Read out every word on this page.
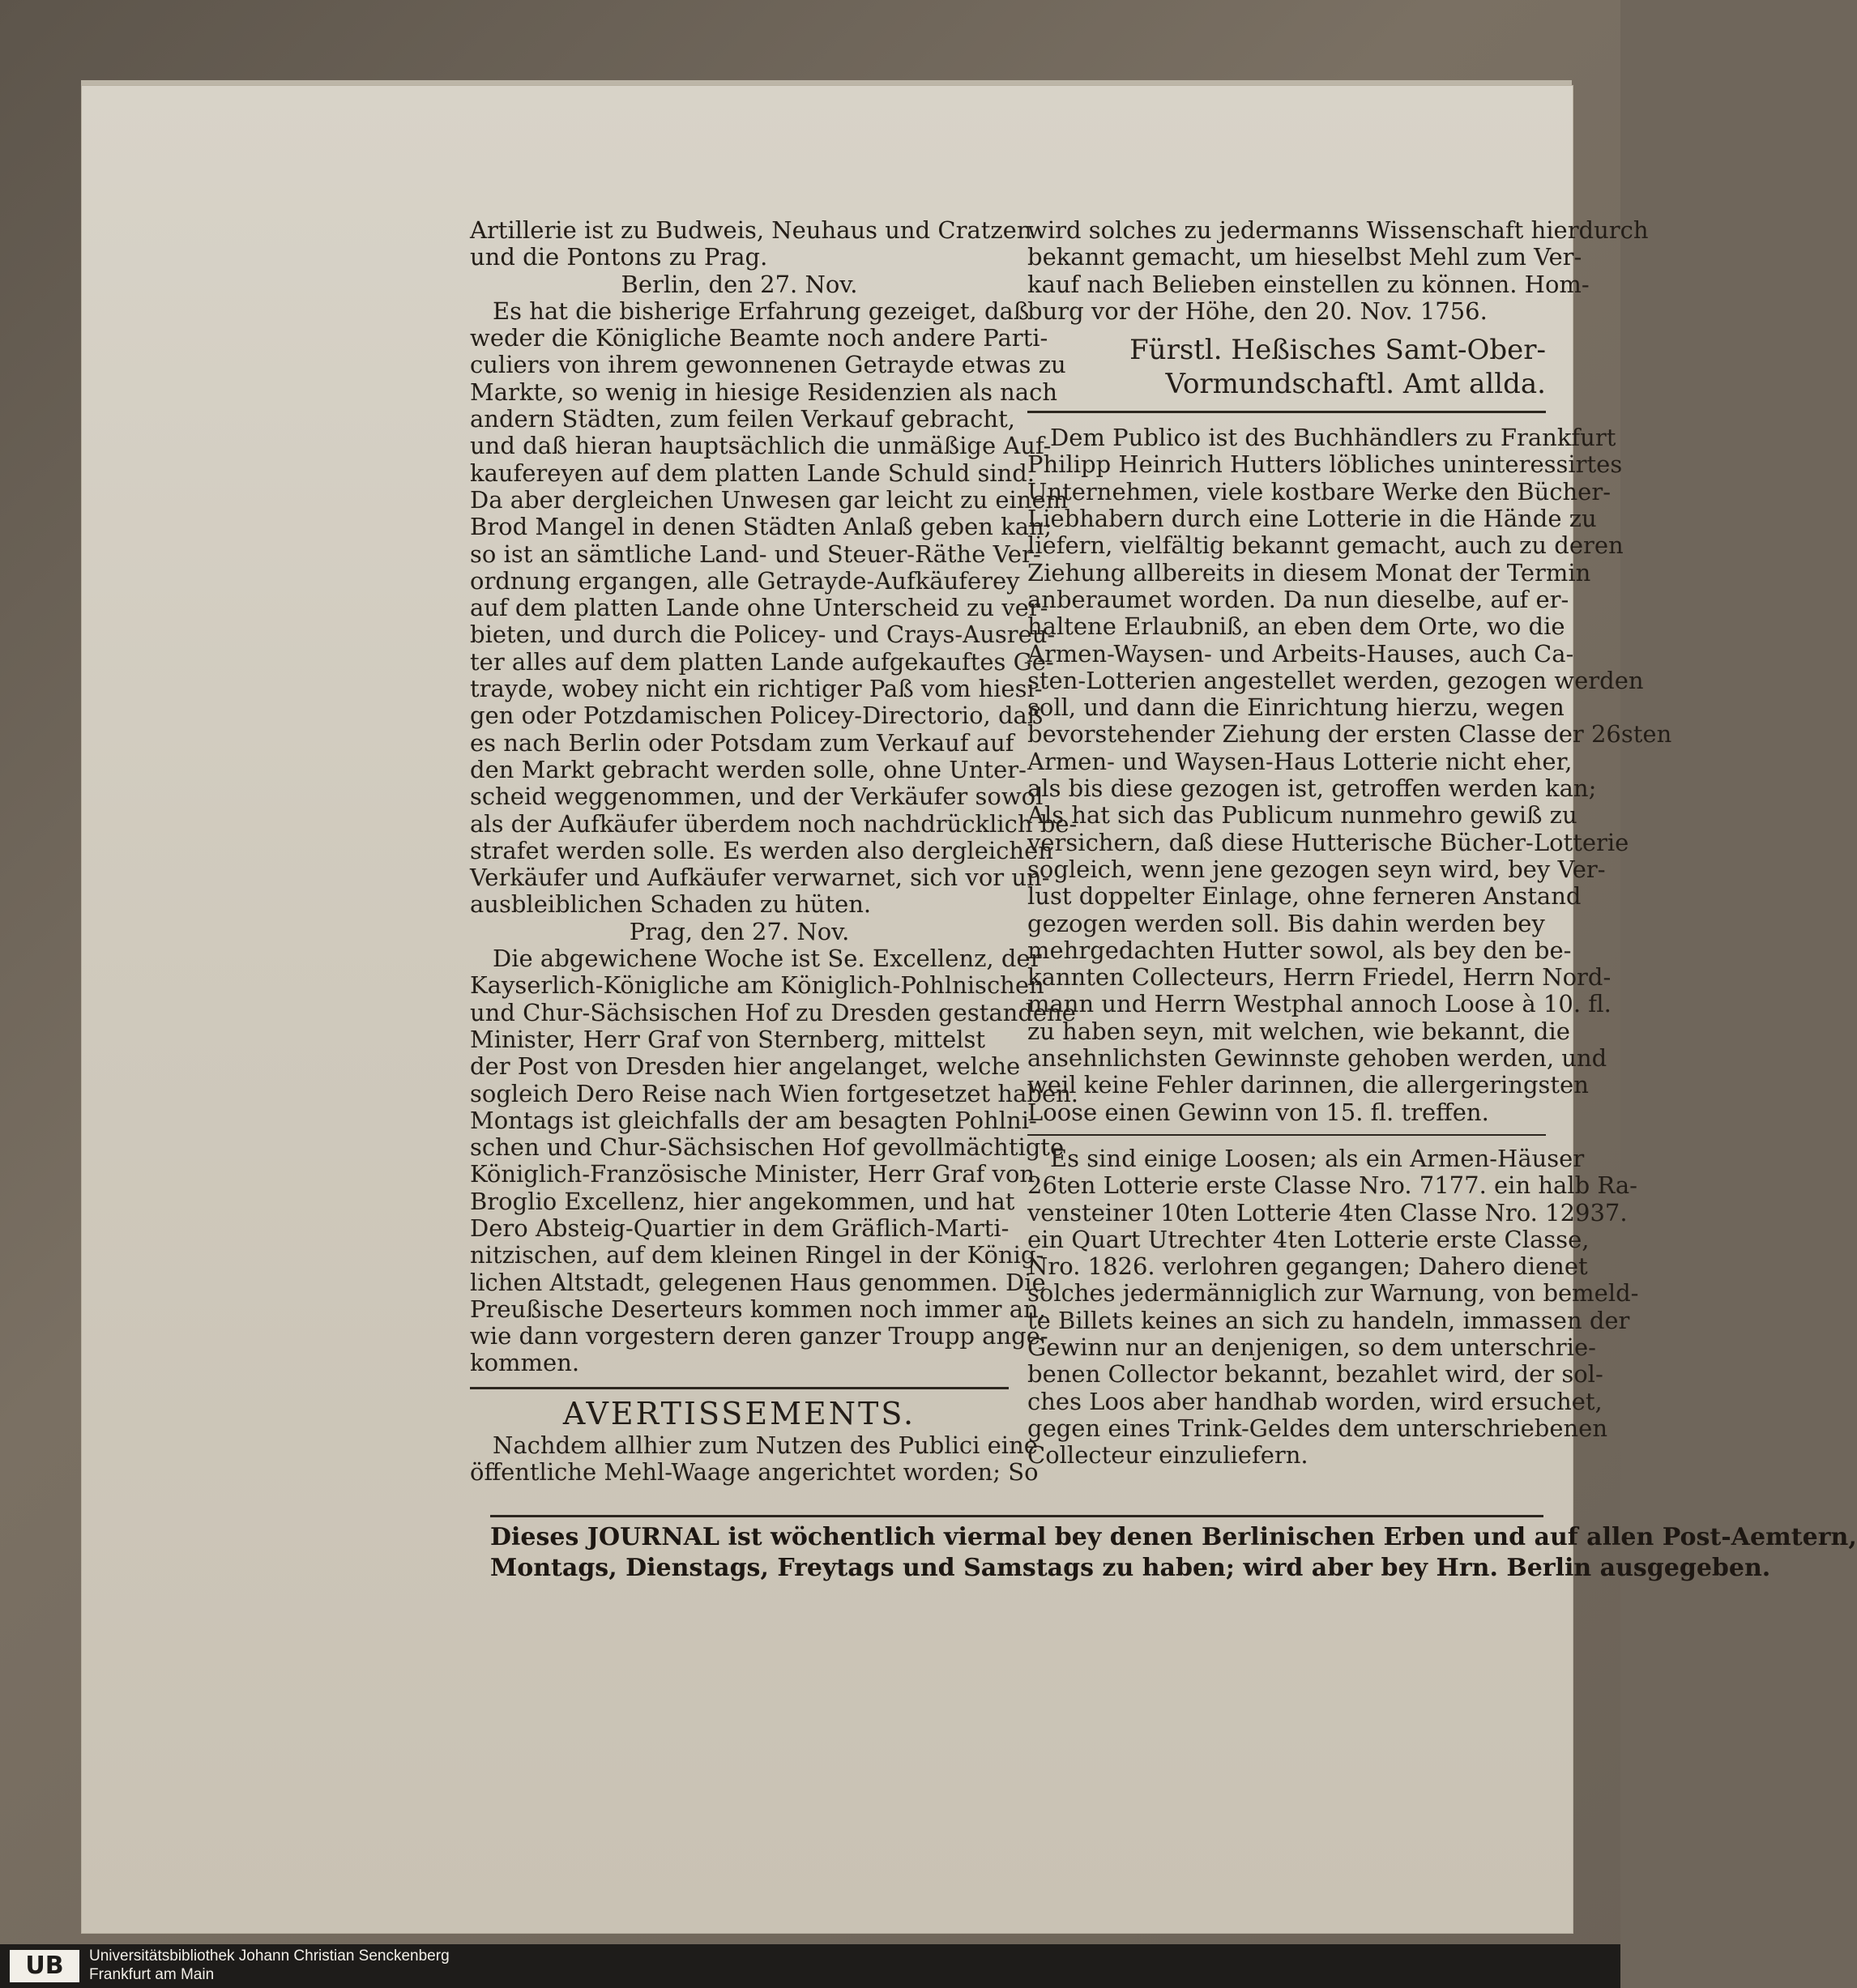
Artillerie ist zu Budweis, Neuhaus und Cratzen
und die Pontons zu Prag.
Berlin, den 27. Nov.
Es hat die bisherige Erfahrung gezeiget, daß
weder die Königliche Beamte noch andere Parti-
culiers von ihrem gewonnenen Getrayde etwas zu
Markte, so wenig in hiesige Residenzien als nach
andern Städten, zum feilen Verkauf gebracht,
und daß hieran hauptsächlich die unmäßige Auf-
kaufereyen auf dem platten Lande Schuld sind.
Da aber dergleichen Unwesen gar leicht zu einem
Brod Mangel in denen Städten Anlaß geben kan;
so ist an sämtliche Land- und Steuer-Räthe Ver-
ordnung ergangen, alle Getrayde-Aufkäuferey
auf dem platten Lande ohne Unterscheid zu ver-
bieten, und durch die Policey- und Crays-Ausreu-
ter alles auf dem platten Lande aufgekauftes Ge-
trayde, wobey nicht ein richtiger Paß vom hiesi-
gen oder Potzdamischen Policey-Directorio, daß
es nach Berlin oder Potsdam zum Verkauf auf
den Markt gebracht werden solle, ohne Unter-
scheid weggenommen, und der Verkäufer sowol
als der Aufkäufer überdem noch nachdrücklich be-
strafet werden solle. Es werden also dergleichen
Verkäufer und Aufkäufer verwarnet, sich vor un-
ausbleiblichen Schaden zu hüten.
Prag, den 27. Nov.
Die abgewichene Woche ist Se. Excellenz, der
Kayserlich-Königliche am Königlich-Pohlnischen
und Chur-Sächsischen Hof zu Dresden gestandene
Minister, Herr Graf von Sternberg, mittelst
der Post von Dresden hier angelanget, welche
sogleich Dero Reise nach Wien fortgesetzet haben.
Montags ist gleichfalls der am besagten Pohlni-
schen und Chur-Sächsischen Hof gevollmächtigte
Königlich-Französische Minister, Herr Graf von
Broglio Excellenz, hier angekommen, und hat
Dero Absteig-Quartier in dem Gräflich-Marti-
nitzischen, auf dem kleinen Ringel in der König-
lichen Altstadt, gelegenen Haus genommen. Die
Preußische Deserteurs kommen noch immer an,
wie dann vorgestern deren ganzer Troupp ange-
kommen.
AVERTISSEMENTS.
Nachdem allhier zum Nutzen des Publici eine
öffentliche Mehl-Waage angerichtet worden; So
wird solches zu jedermanns Wissenschaft hierdurch
bekannt gemacht, um hieselbst Mehl zum Ver-
kauf nach Belieben einstellen zu können. Hom-
burg vor der Höhe, den 20. Nov. 1756.
Fürstl. Heßisches Samt-Ober-
Vormundschaftl. Amt allda.
Dem Publico ist des Buchhändlers zu Frankfurt
Philipp Heinrich Hutters löbliches uninteressirtes
Unternehmen, viele kostbare Werke den Bücher-
Liebhabern durch eine Lotterie in die Hände zu
liefern, vielfältig bekannt gemacht, auch zu deren
Ziehung allbereits in diesem Monat der Termin
anberaumet worden. Da nun dieselbe, auf er-
haltene Erlaubniß, an eben dem Orte, wo die
Armen-Waysen- und Arbeits-Hauses, auch Ca-
sten-Lotterien angestellet werden, gezogen werden
soll, und dann die Einrichtung hierzu, wegen
bevorstehender Ziehung der ersten Classe der 26sten
Armen- und Waysen-Haus Lotterie nicht eher,
als bis diese gezogen ist, getroffen werden kan;
Als hat sich das Publicum nunmehro gewiß zu
versichern, daß diese Hutterische Bücher-Lotterie
sogleich, wenn jene gezogen seyn wird, bey Ver-
lust doppelter Einlage, ohne ferneren Anstand
gezogen werden soll. Bis dahin werden bey
mehrgedachten Hutter sowol, als bey den be-
kannten Collecteurs, Herrn Friedel, Herrn Nord-
mann und Herrn Westphal annoch Loose à 10. fl.
zu haben seyn, mit welchen, wie bekannt, die
ansehnlichsten Gewinnste gehoben werden, und
weil keine Fehler darinnen, die allergeringsten
Loose einen Gewinn von 15. fl. treffen.
Es sind einige Loosen; als ein Armen-Häuser
26ten Lotterie erste Classe Nro. 7177. ein halb Ra-
vensteiner 10ten Lotterie 4ten Classe Nro. 12937.
ein Quart Utrechter 4ten Lotterie erste Classe,
Nro. 1826. verlohren gegangen; Dahero dienet
solches jedermänniglich zur Warnung, von bemeld-
te Billets keines an sich zu handeln, immassen der
Gewinn nur an denjenigen, so dem unterschrie-
benen Collector bekannt, bezahlet wird, der sol-
ches Loos aber handhab worden, wird ersuchet,
gegen eines Trink-Geldes dem unterschriebenen
Collecteur einzuliefern.
Dieses JOURNAL ist wöchentlich viermal bey denen Berlinischen Erben und auf allen Post-Aemtern,
Montags, Dienstags, Freytags und Samstags zu haben; wird aber bey Hrn. Berlin ausgegeben.
UB	Universitätsbibliothek Johann Christian Senckenberg
Frankfurt am Main
